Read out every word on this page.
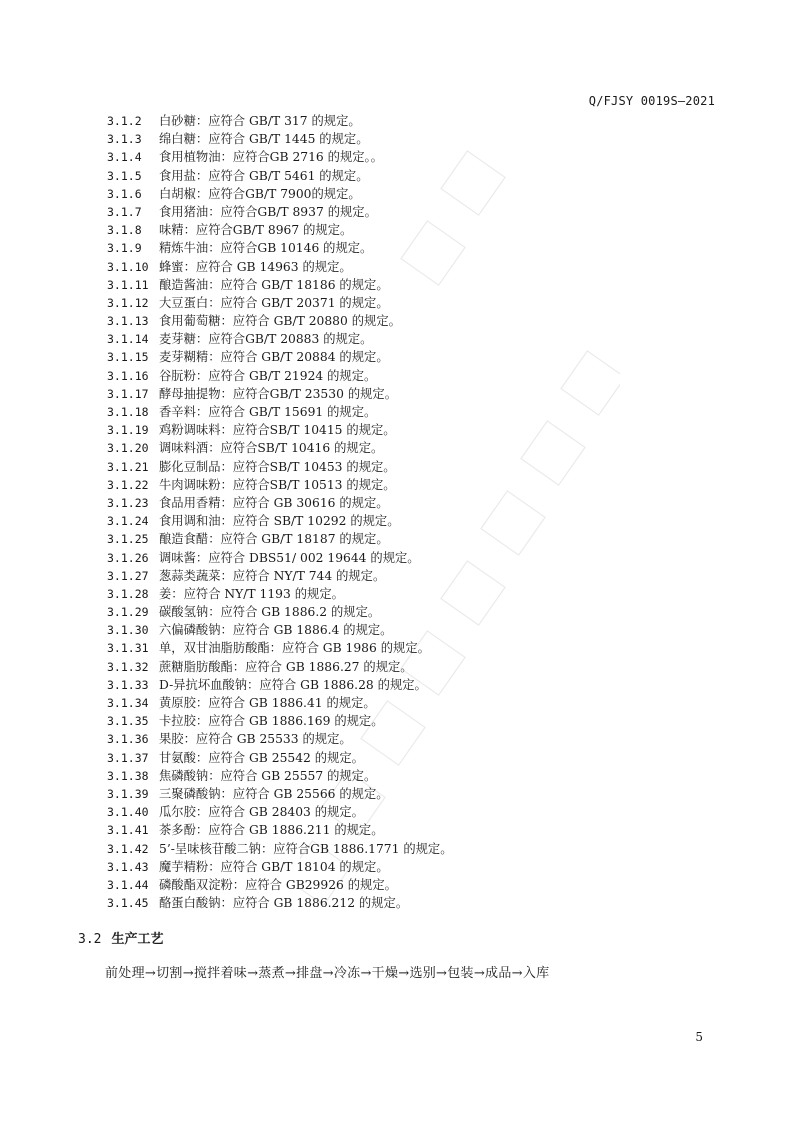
Q/FJSY 0019S—2021
3.1.2 白砂糖：应符合 GB/T 317 的规定。
3.1.3 绵白糖：应符合 GB/T 1445 的规定。
3.1.4 食用植物油：应符合GB 2716 的规定。。
3.1.5 食用盐：应符合 GB/T 5461 的规定。
3.1.6 白胡椒：应符合GB/T 7900的规定。
3.1.7 食用猪油：应符合GB/T 8937 的规定。
3.1.8 味精：应符合GB/T 8967 的规定。
3.1.9 精炼牛油：应符合GB 10146 的规定。
3.1.10 蜂蜜：应符合 GB 14963 的规定。
3.1.11 酿造酱油：应符合 GB/T 18186 的规定。
3.1.12 大豆蛋白：应符合 GB/T 20371 的规定。
3.1.13 食用葡萄糖：应符合 GB/T 20880 的规定。
3.1.14 麦芽糖：应符合GB/T 20883 的规定。
3.1.15 麦芽糊精：应符合 GB/T 20884 的规定。
3.1.16 谷朊粉：应符合 GB/T 21924 的规定。
3.1.17 酵母抽提物：应符合GB/T 23530 的规定。
3.1.18 香辛料：应符合 GB/T 15691 的规定。
3.1.19 鸡粉调味料：应符合SB/T 10415 的规定。
3.1.20 调味料酒：应符合SB/T 10416 的规定。
3.1.21 膨化豆制品：应符合SB/T 10453 的规定。
3.1.22 牛肉调味粉：应符合SB/T 10513 的规定。
3.1.23 食品用香精：应符合 GB 30616 的规定。
3.1.24 食用调和油：应符合 SB/T 10292 的规定。
3.1.25 酿造食醋：应符合 GB/T 18187 的规定。
3.1.26 调味酱：应符合 DBS51/ 002 19644 的规定。
3.1.27 葱蒜类蔬菜：应符合 NY/T 744 的规定。
3.1.28 姜：应符合 NY/T 1193 的规定。
3.1.29 碳酸氢钠：应符合 GB 1886.2 的规定。
3.1.30 六偏磷酸钠：应符合 GB 1886.4 的规定。
3.1.31 单，双甘油脂肪酸酯：应符合 GB 1986 的规定。
3.1.32 蔗糖脂肪酸酯：应符合 GB 1886.27 的规定。
3.1.33 D-异抗坏血酸钠：应符合 GB 1886.28 的规定。
3.1.34 黄原胶：应符合 GB 1886.41 的规定。
3.1.35 卡拉胶：应符合 GB 1886.169 的规定。
3.1.36 果胶：应符合 GB 25533 的规定。
3.1.37 甘氨酸：应符合 GB 25542 的规定。
3.1.38 焦磷酸钠：应符合 GB 25557 的规定。
3.1.39 三聚磷酸钠：应符合 GB 25566 的规定。
3.1.40 瓜尔胶：应符合 GB 28403 的规定。
3.1.41 茶多酚：应符合 GB 1886.211 的规定。
3.1.42 5’-呈味核苷酸二钠：应符合GB 1886.1771 的规定。
3.1.43 魔芋精粉：应符合 GB/T 18104 的规定。
3.1.44 磷酸酯双淀粉：应符合 GB29926 的规定。
3.1.45 酪蛋白酸钠：应符合 GB 1886.212 的规定。
3.2 生产工艺
前处理→切割→搅拌着味→蒸煮→排盘→冷冻→干燥→选别→包装→成品→入库
5
